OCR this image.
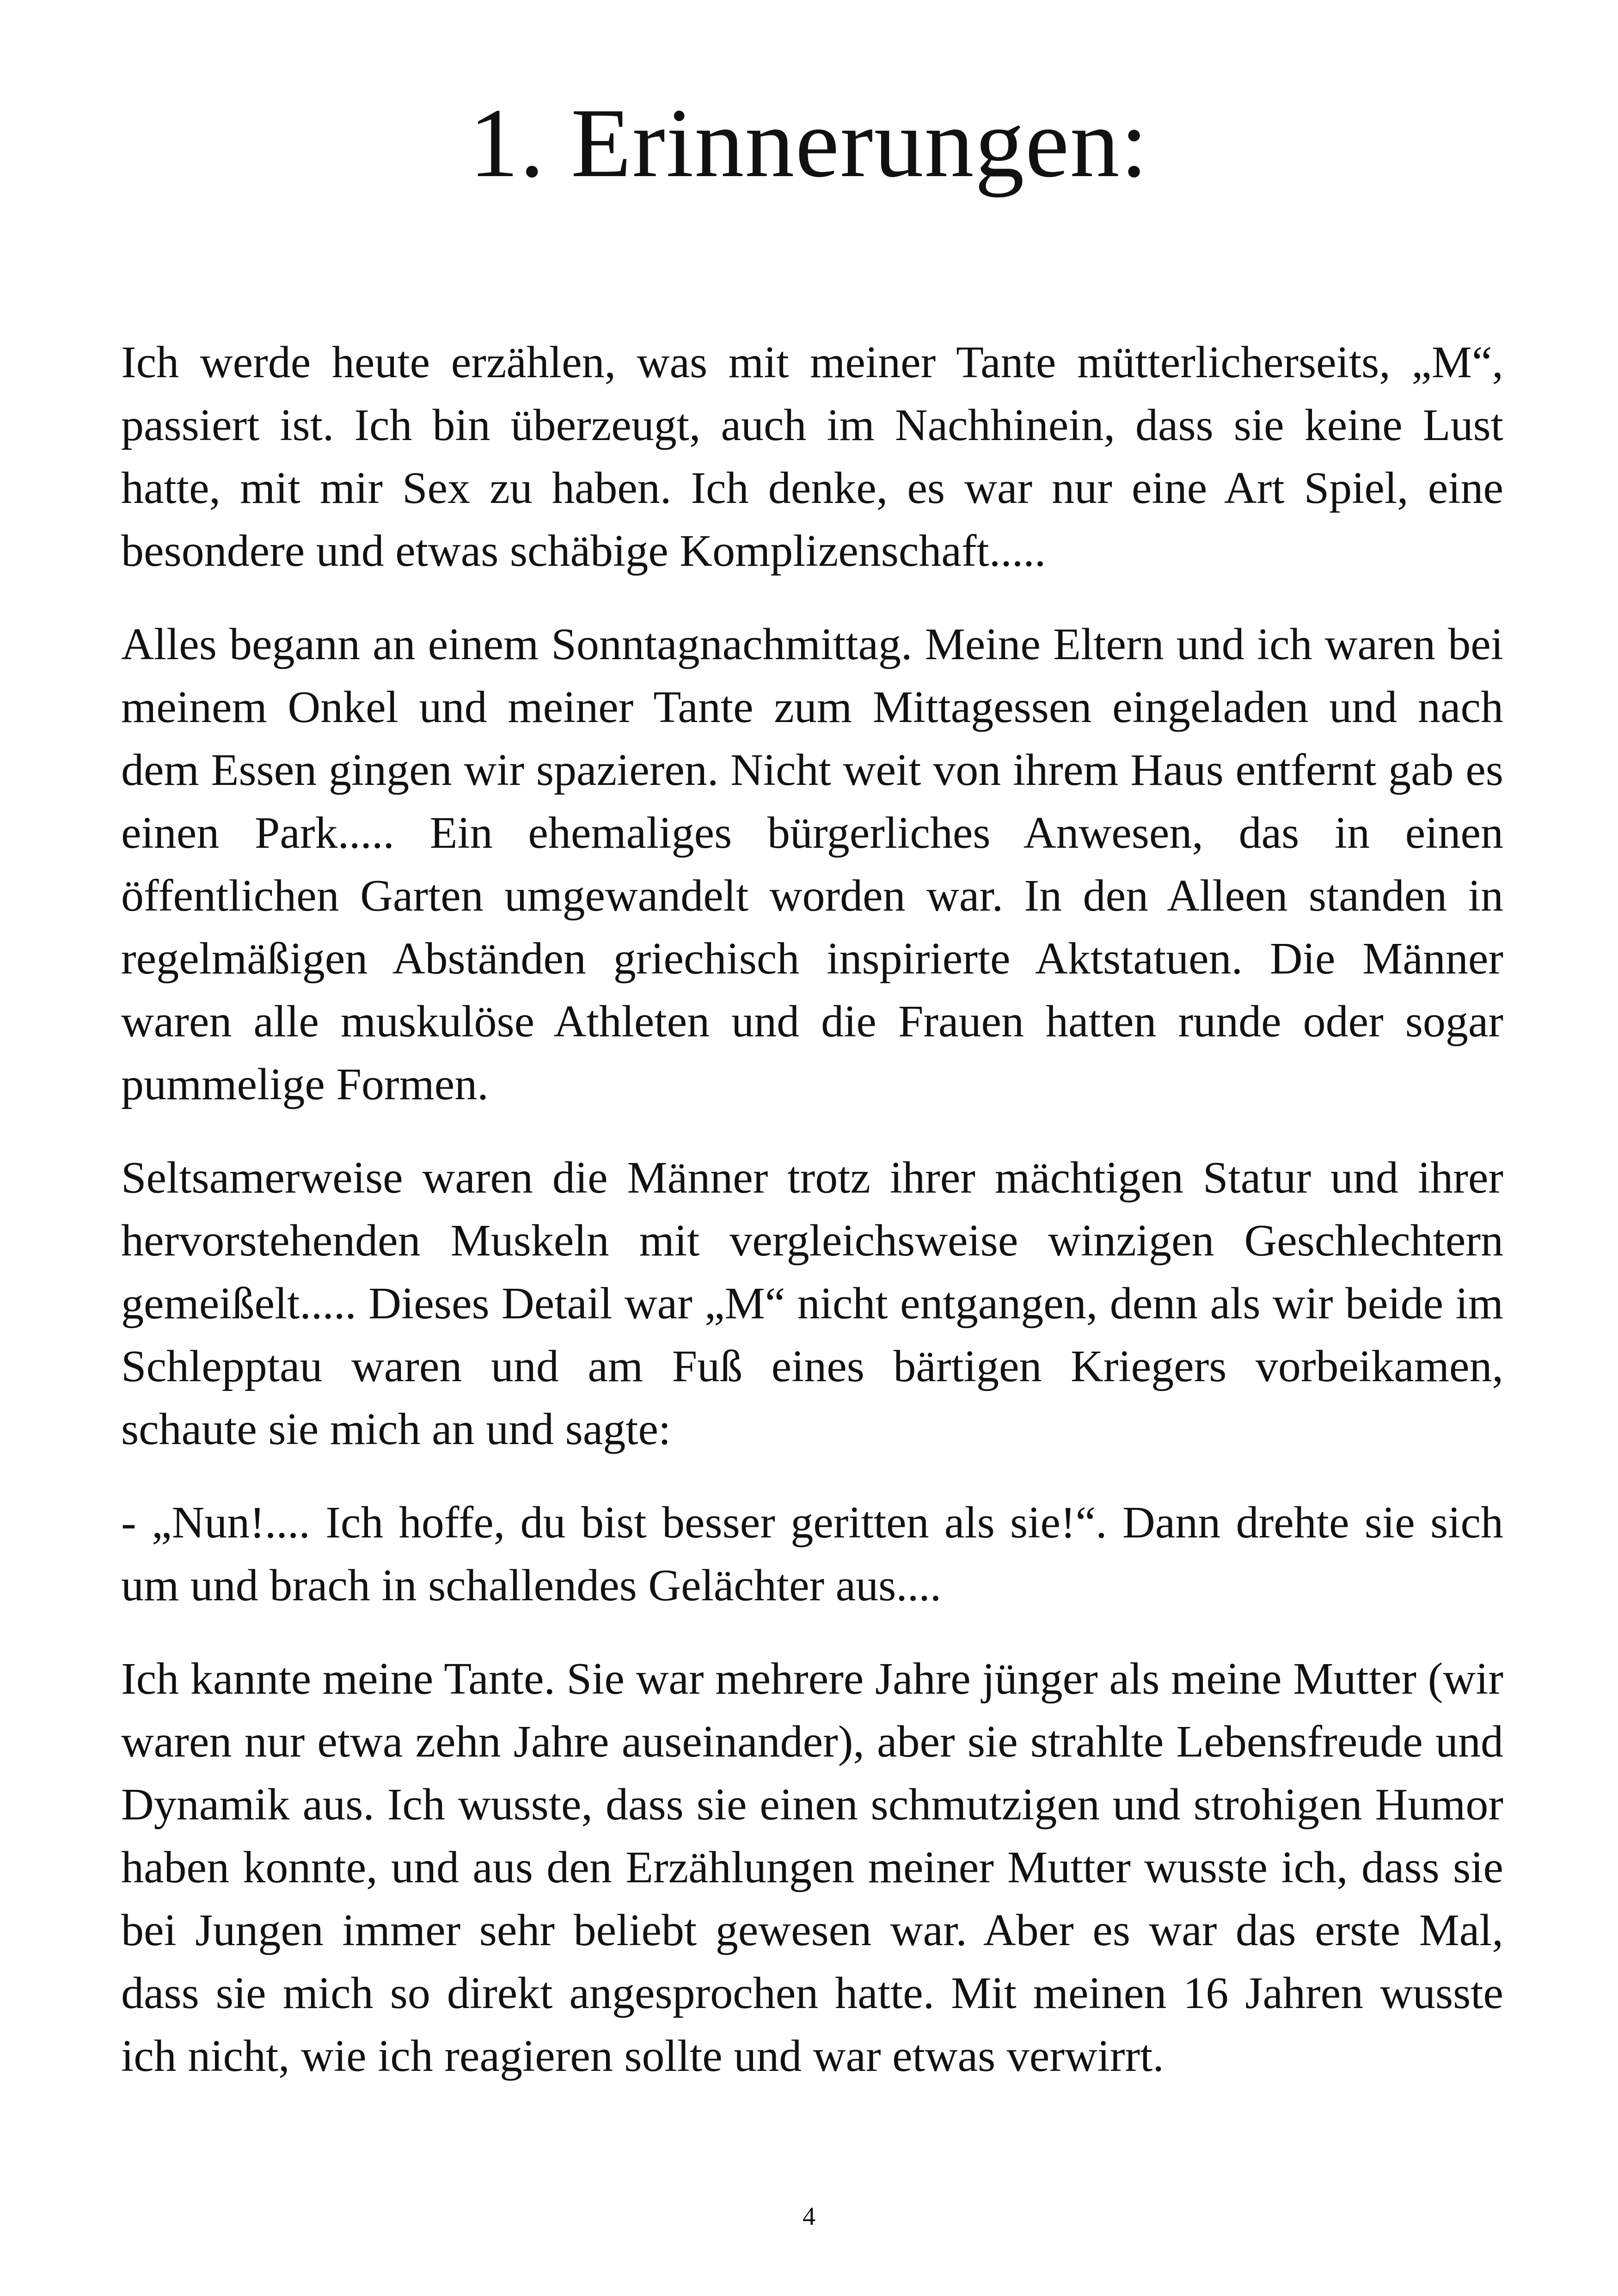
1. Erinnerungen:

Ich werde heute erzählen, was mit meiner Tante mütterlicherseits, „M“, passiert ist. Ich bin überzeugt, auch im Nachhinein, dass sie keine Lust hatte, mit mir Sex zu haben. Ich denke, es war nur eine Art Spiel, eine besondere und etwas schäbige Komplizenschaft.....

Alles begann an einem Sonntagnachmittag. Meine Eltern und ich waren bei meinem Onkel und meiner Tante zum Mittagessen eingeladen und nach dem Essen gingen wir spazieren. Nicht weit von ihrem Haus entfernt gab es einen Park..... Ein ehemaliges bürgerliches Anwesen, das in einen öffentlichen Garten umgewandelt worden war. In den Alleen standen in regelmäßigen Abständen griechisch inspirierte Aktstatuen. Die Männer waren alle muskulöse Athleten und die Frauen hatten runde oder sogar pummelige Formen.

Seltsamerweise waren die Männer trotz ihrer mächtigen Statur und ihrer hervorstehenden Muskeln mit vergleichsweise winzigen Geschlechtern gemeißelt..... Dieses Detail war „M“ nicht entgangen, denn als wir beide im Schlepptau waren und am Fuß eines bärtigen Kriegers vorbeikamen, schaute sie mich an und sagte:

- „Nun!.... Ich hoffe, du bist besser geritten als sie!“. Dann drehte sie sich um und brach in schallendes Gelächter aus....

Ich kannte meine Tante. Sie war mehrere Jahre jünger als meine Mutter (wir waren nur etwa zehn Jahre auseinander), aber sie strahlte Lebensfreude und Dynamik aus. Ich wusste, dass sie einen schmutzigen und strohigen Humor haben konnte, und aus den Erzählungen meiner Mutter wusste ich, dass sie bei Jungen immer sehr beliebt gewesen war. Aber es war das erste Mal, dass sie mich so direkt angesprochen hatte. Mit meinen 16 Jahren wusste ich nicht, wie ich reagieren sollte und war etwas verwirrt.

4
